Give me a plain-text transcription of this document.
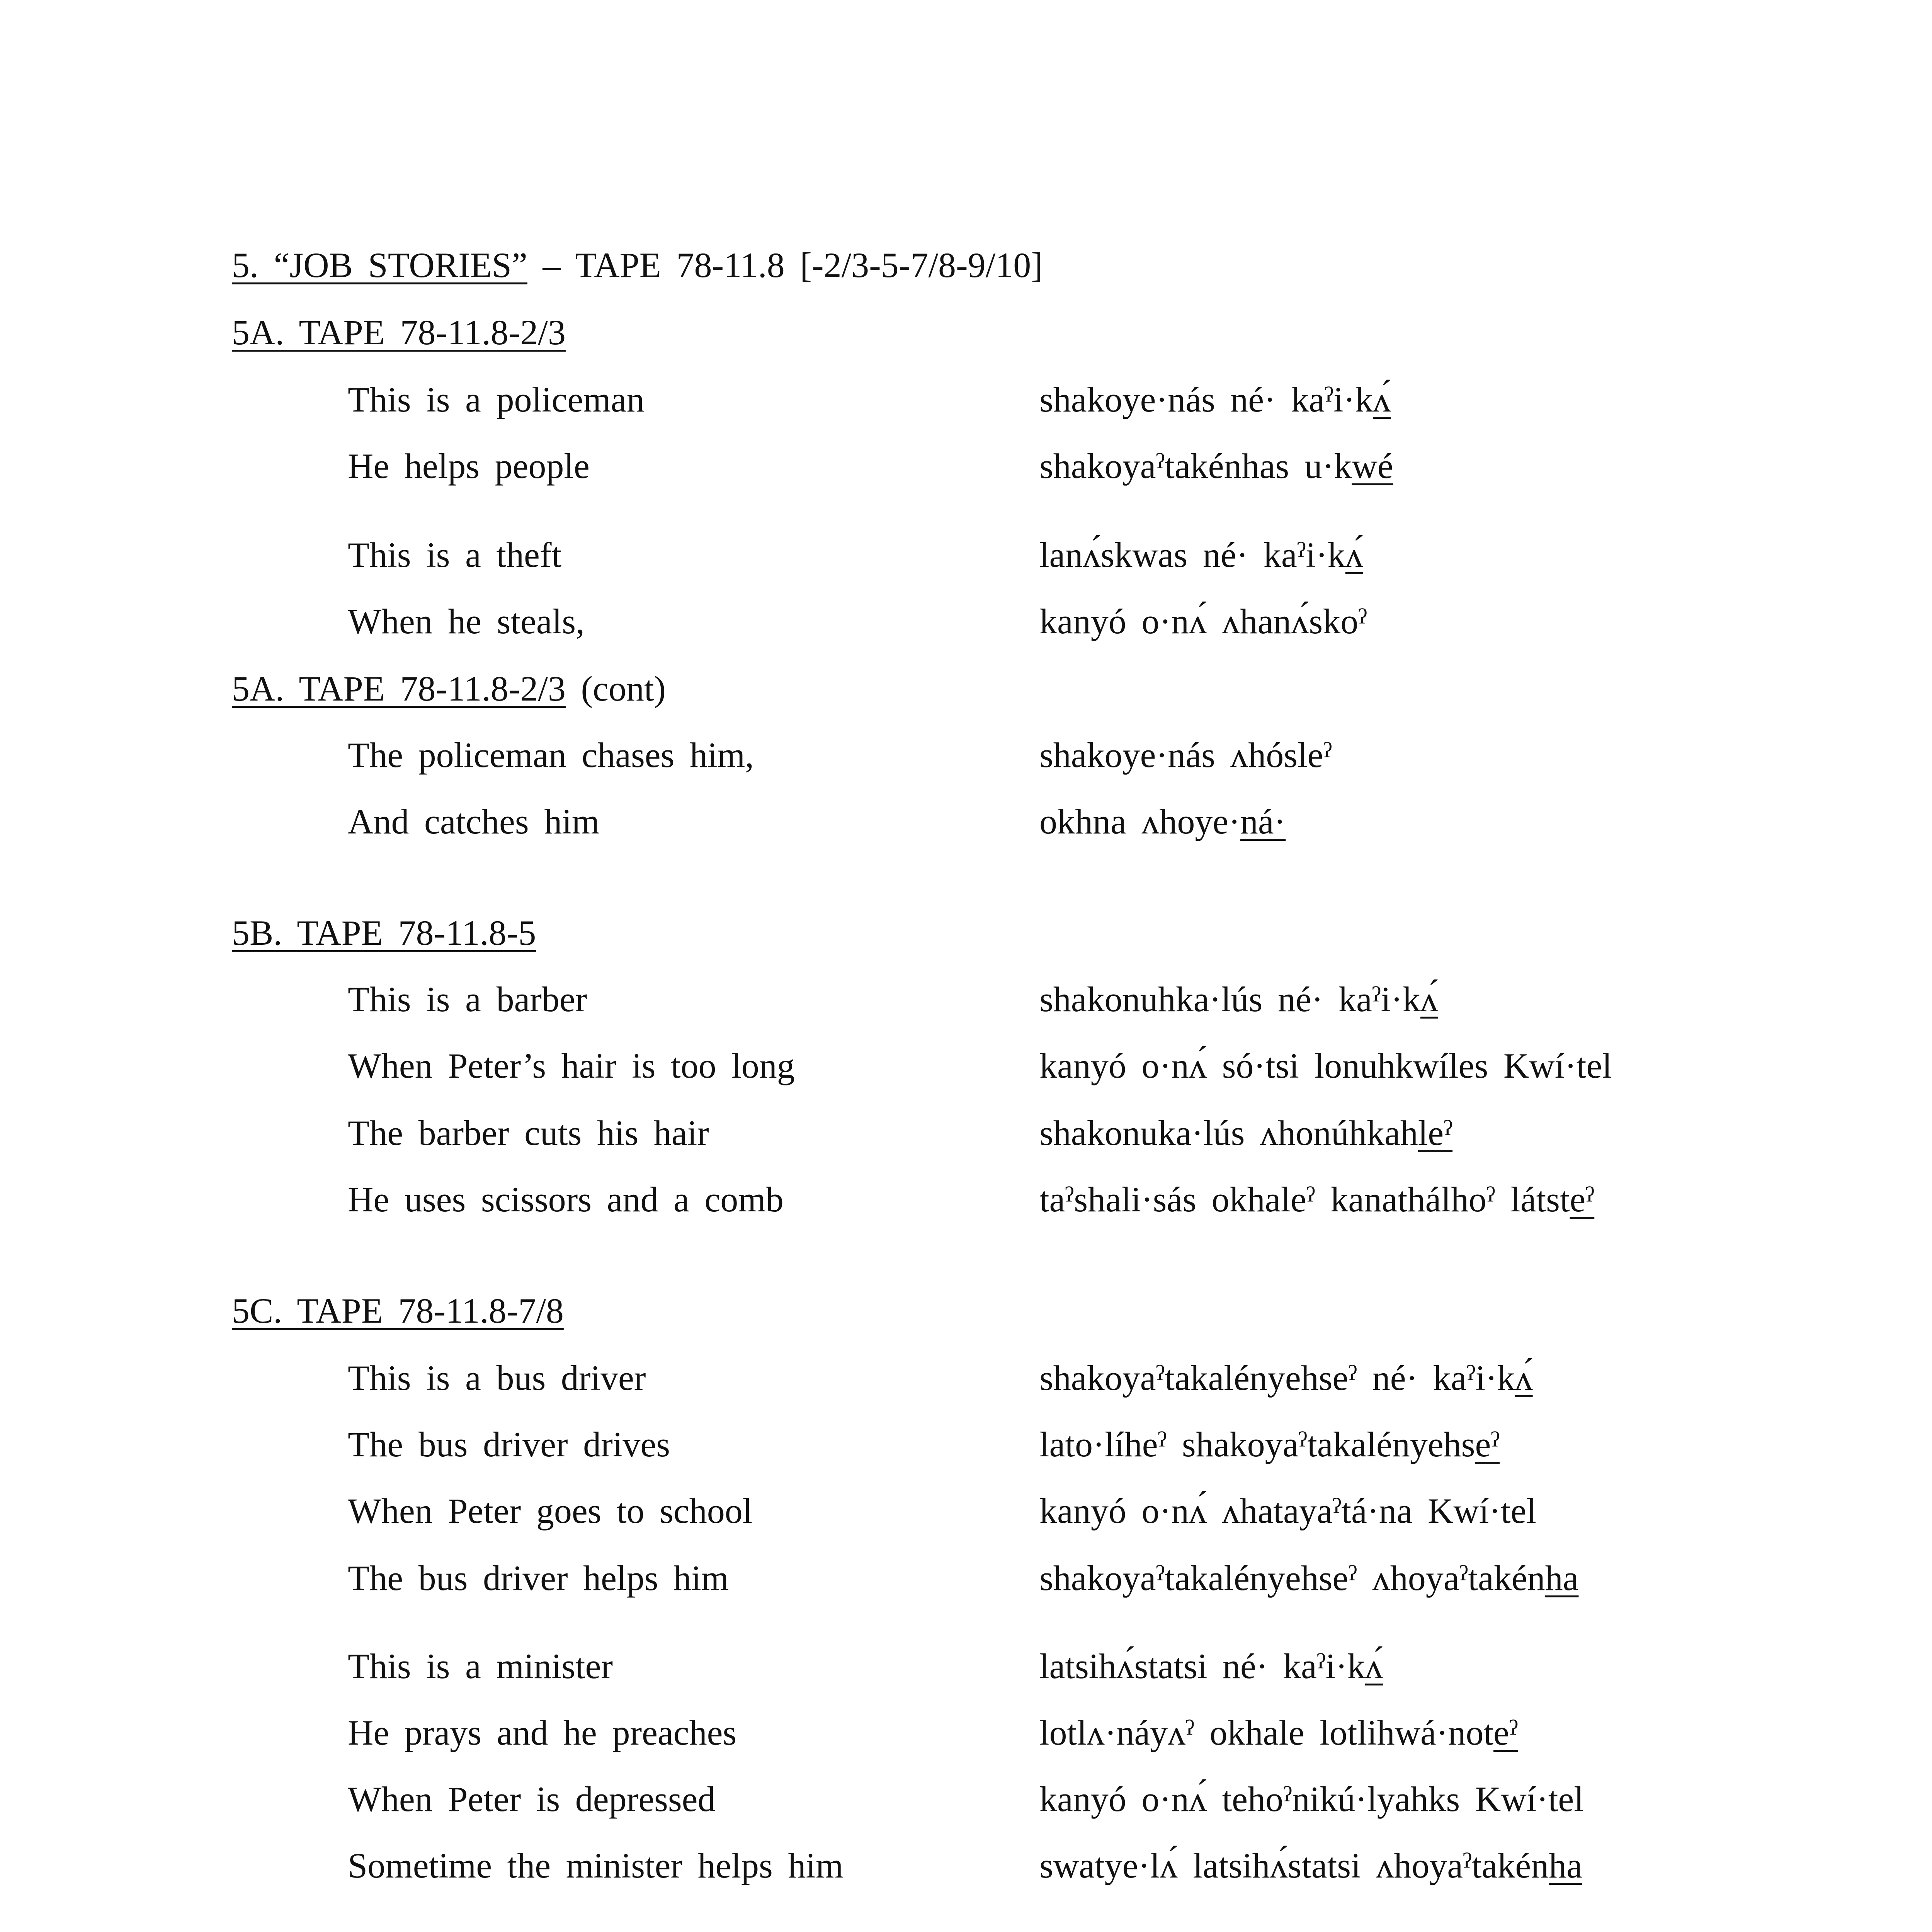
5. “JOB STORIES” – TAPE 78-11.8 [-2/3-5-7/8-9/10]
5A. TAPE 78-11.8-2/3
This is a policeman	shakoye·nás né· kaˀi·kʌ́
He helps people	shakoyaˀtakénhas u·kwé
This is a theft	lanʌ́skwas né· kaˀi·kʌ́
When he steals,	kanyó o·nʌ́ ʌhanʌ́skoˀ
5A. TAPE 78-11.8-2/3 (cont)
The policeman chases him,	shakoye·nás ʌhósleˀ
And catches him	okhna ʌhoye·ná·
5B. TAPE 78-11.8-5
This is a barber	shakonuhka·lús né· kaˀi·kʌ́
When Peter’s hair is too long	kanyó o·nʌ́ só·tsi lonuhkwíles Kwí·tel
The barber cuts his hair	shakonuka·lús ʌhonúhkahleˀ
He uses scissors and a comb	taˀshali·sás okhaleˀ kanathálhoˀ látsteˀ
5C. TAPE 78-11.8-7/8
This is a bus driver	shakoyaˀtakalényehseˀ né· kaˀi·kʌ́
The bus driver drives	lato·líheˀ shakoyaˀtakalényehseˀ
When Peter goes to school	kanyó o·nʌ́ ʌhatayaˀtá·na Kwí·tel
The bus driver helps him	shakoyaˀtakalényehseˀ ʌhoyaˀtakénha
This is a minister	latsihʌ́statsi né· kaˀi·kʌ́
He prays and he preaches	lotlʌ·náyʌˀ okhale lotlihwá·noteˀ
When Peter is depressed	kanyó o·nʌ́ tehoˀnikú·lyahks Kwí·tel
Sometime the minister helps him	swatye·lʌ́ latsihʌ́statsi ʌhoyaˀtakénha
